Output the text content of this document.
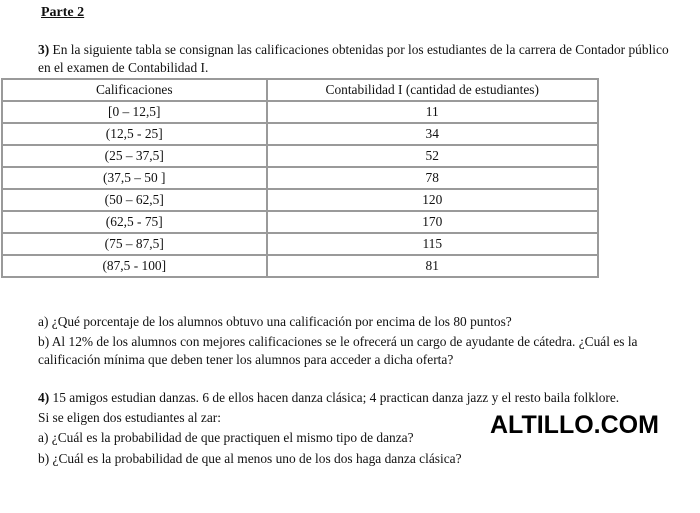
Parte 2
3) En la siguiente tabla se consignan las calificaciones obtenidas por los estudiantes de la carrera de Contador público en el examen de Contabilidad I.
Calificaciones	Contabilidad I (cantidad de estudiantes)
[0 – 12,5]	11
(12,5 - 25]	34
(25 – 37,5]	52
(37,5 – 50 ]	78
(50 – 62,5]	120
(62,5 - 75]	170
(75 – 87,5]	115
(87,5 - 100]	81
a) ¿Qué porcentaje de los alumnos obtuvo una calificación por encima de los 80 puntos?
b) Al 12% de los alumnos con mejores calificaciones se le ofrecerá un cargo de ayudante de cátedra. ¿Cuál es la calificación mínima que deben tener los alumnos para acceder a dicha oferta?
4) 15 amigos estudian danzas. 6 de ellos hacen danza clásica; 4 practican danza jazz y el resto baila folklore.
Si se eligen dos estudiantes al zar:
a) ¿Cuál es la probabilidad de que practiquen el mismo tipo de danza?
b) ¿Cuál es la probabilidad de que al menos uno de los dos haga danza clásica?
ALTILLO.COM
